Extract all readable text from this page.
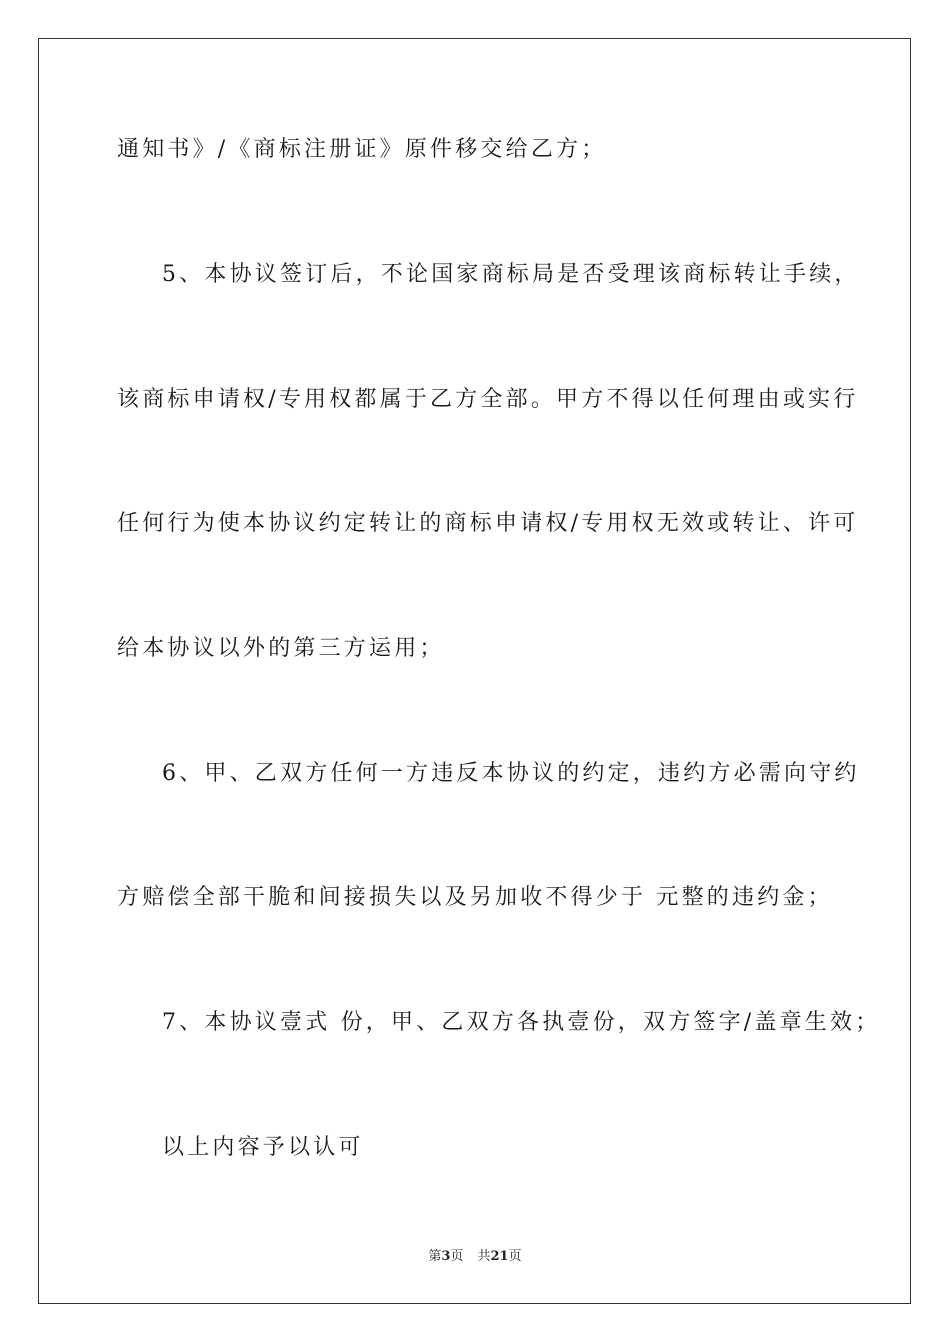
通知书》/《商标注册证》原件移交给乙方；
5、本协议签订后，不论国家商标局是否受理该商标转让手续，
该商标申请权/专用权都属于乙方全部。甲方不得以任何理由或实行
任何行为使本协议约定转让的商标申请权/专用权无效或转让、许可
给本协议以外的第三方运用；
6、甲、乙双方任何一方违反本协议的约定，违约方必需向守约
方赔偿全部干脆和间接损失以及另加收不得少于 元整的违约金；
7、本协议壹式 份，甲、乙双方各执壹份，双方签字/盖章生效；
以上内容予以认可
第3页 共21页
